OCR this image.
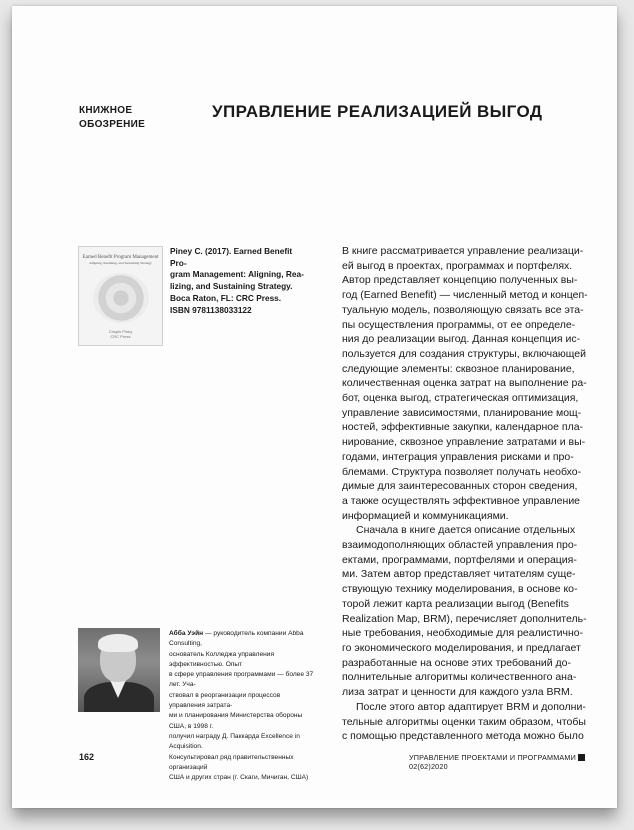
КНИЖНОЕ
ОБОЗРЕНИЕ
УПРАВЛЕНИЕ РЕАЛИЗАЦИЕЙ ВЫГОД
Earned Benefit Program Management
Aligning, Realizing, and Sustaining Strategy
Crispin Piney
CRC Press
Piney C. (2017). Earned Benefit Pro-
gram Management: Aligning, Rea-
lizing, and Sustaining Strategy.
Boca Raton, FL: CRC Press.
ISBN 9781138033122

В книге рассматривается управление реализаци-
ей выгод в проектах, программах и портфелях.
Автор представляет концепцию полученных вы-
год (Earned Benefit) — численный метод и концеп-
туальную модель, позволяющую связать все эта-
пы осуществления программы, от ее определе-
ния до реализации выгод. Данная концепция ис-
пользуется для создания структуры, включающей
следующие элементы: сквозное планирование,
количественная оценка затрат на выполнение ра-
бот, оценка выгод, стратегическая оптимизация,
управление зависимостями, планирование мощ-
ностей, эффективные закупки, календарное пла-
нирование, сквозное управление затратами и вы-
годами, интеграция управления рисками и про-
блемами. Структура позволяет получать необхо-
димые для заинтересованных сторон сведения,
а также осуществлять эффективное управление
информацией и коммуникациями.

Сначала в книге дается описание отдельных
взаимодополняющих областей управления про-
ектами, программами, портфелями и операция-
ми. Затем автор представляет читателям суще-
ствующую технику моделирования, в основе ко-
торой лежит карта реализации выгод (Benefits
Realization Map, BRM), перечисляет дополнитель-
ные требования, необходимые для реалистично-
го экономического моделирования, и предлагает
разработанные на основе этих требований до-
полнительные алгоритмы количественного ана-
лиза затрат и ценности для каждого узла BRM.

После этого автор адаптирует BRM и дополни-
тельные алгоритмы оценки таким образом, чтобы
с помощью представленного метода можно было

Абба Уэйн — руководитель компании Abba Consulting,
основатель Колледжа управления эффективностью. Опыт
в сфере управления программами — более 37 лет. Уча-
ствовал в реорганизации процессов управления затрата-
ми и планирования Министерства обороны США, в 1998 г.
получил награду Д. Паккарда Excellence in Acquisition.
Консультировал ряд правительственных организаций
США и других стран (г. Скаги, Мичиган, США)
162	УПРАВЛЕНИЕ ПРОЕКТАМИ И ПРОГРАММАМИ02(62)2020
